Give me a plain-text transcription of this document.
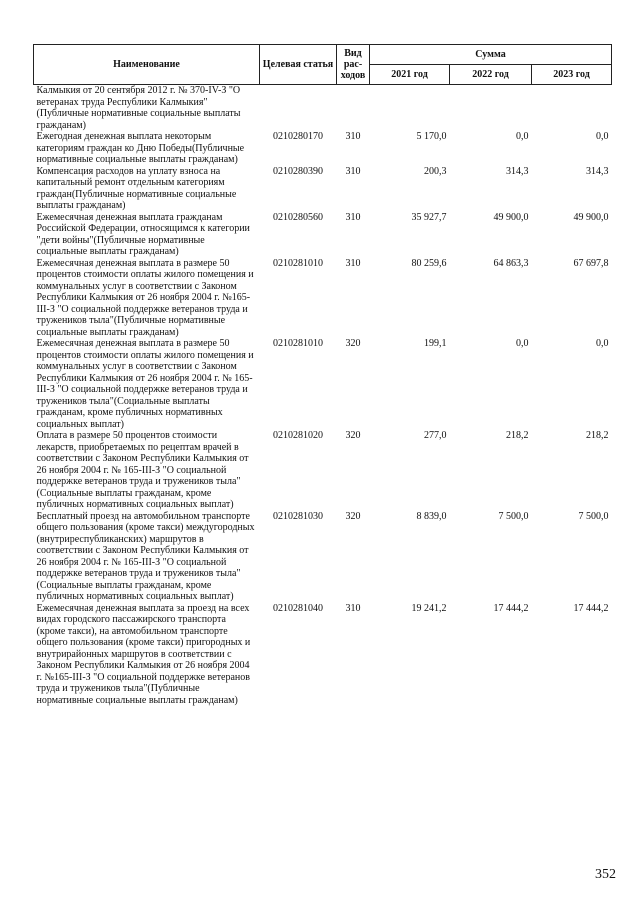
Наименование	Целевая статья	Вид рас-ходов	Сумма		
			2021 год	2022 год	2023 год
Калмыкия от 20 сентября 2012 г. № 370-IV-З "О ветеранах труда Республики Калмыкия"(Публичные нормативные социальные выплаты гражданам)					
Ежегодная денежная выплата некоторым категориям граждан ко Дню Победы(Публичные нормативные социальные выплаты гражданам)	0210280170	310	5 170,0	0,0	0,0
Компенсация расходов на уплату взноса на капитальный ремонт отдельным категориям граждан(Публичные нормативные социальные выплаты гражданам)	0210280390	310	200,3	314,3	314,3
Ежемесячная денежная выплата гражданам Российской Федерации, относящимся к категории "дети войны"(Публичные нормативные социальные выплаты гражданам)	0210280560	310	35 927,7	49 900,0	49 900,0
Ежемесячная денежная выплата в размере 50 процентов стоимости оплаты жилого помещения и коммунальных услуг в соответствии с Законом Республики Калмыкия от 26 ноября 2004 г. №165-III-З "О социальной поддержке ветеранов труда и тружеников тыла"(Публичные нормативные социальные выплаты гражданам)	0210281010	310	80 259,6	64 863,3	67 697,8
Ежемесячная денежная выплата в размере 50 процентов стоимости оплаты жилого помещения и коммунальных услуг в соответствии с Законом Республики Калмыкия от 26 ноября 2004 г. № 165-III-З "О социальной поддержке ветеранов труда и тружеников тыла"(Социальные выплаты гражданам, кроме публичных нормативных социальных выплат)	0210281010	320	199,1	0,0	0,0
Оплата в размере 50 процентов стоимости лекарств, приобретаемых по рецептам врачей в соответствии с Законом Республики Калмыкия от 26 ноября 2004 г. № 165-III-З "О социальной поддержке ветеранов труда и тружеников тыла"(Социальные выплаты гражданам, кроме публичных нормативных социальных выплат)	0210281020	320	277,0	218,2	218,2
Бесплатный проезд на автомобильном транспорте общего пользования (кроме такси) междугородных (внутриреспубликанских) маршрутов в соответствии с Законом Республики Калмыкия от 26 ноября 2004 г. № 165-III-З "О социальной поддержке ветеранов труда и тружеников тыла"(Социальные выплаты гражданам, кроме публичных нормативных социальных выплат)	0210281030	320	8 839,0	7 500,0	7 500,0
Ежемесячная денежная выплата за проезд на всех видах городского пассажирского транспорта (кроме такси), на автомобильном транспорте общего пользования (кроме такси) пригородных и внутрирайонных маршрутов в соответствии с Законом Республики Калмыкия от 26 ноября 2004 г. №165-III-З "О социальной поддержке ветеранов труда и тружеников тыла"(Публичные нормативные социальные выплаты гражданам)	0210281040	310	19 241,2	17 444,2	17 444,2
352
